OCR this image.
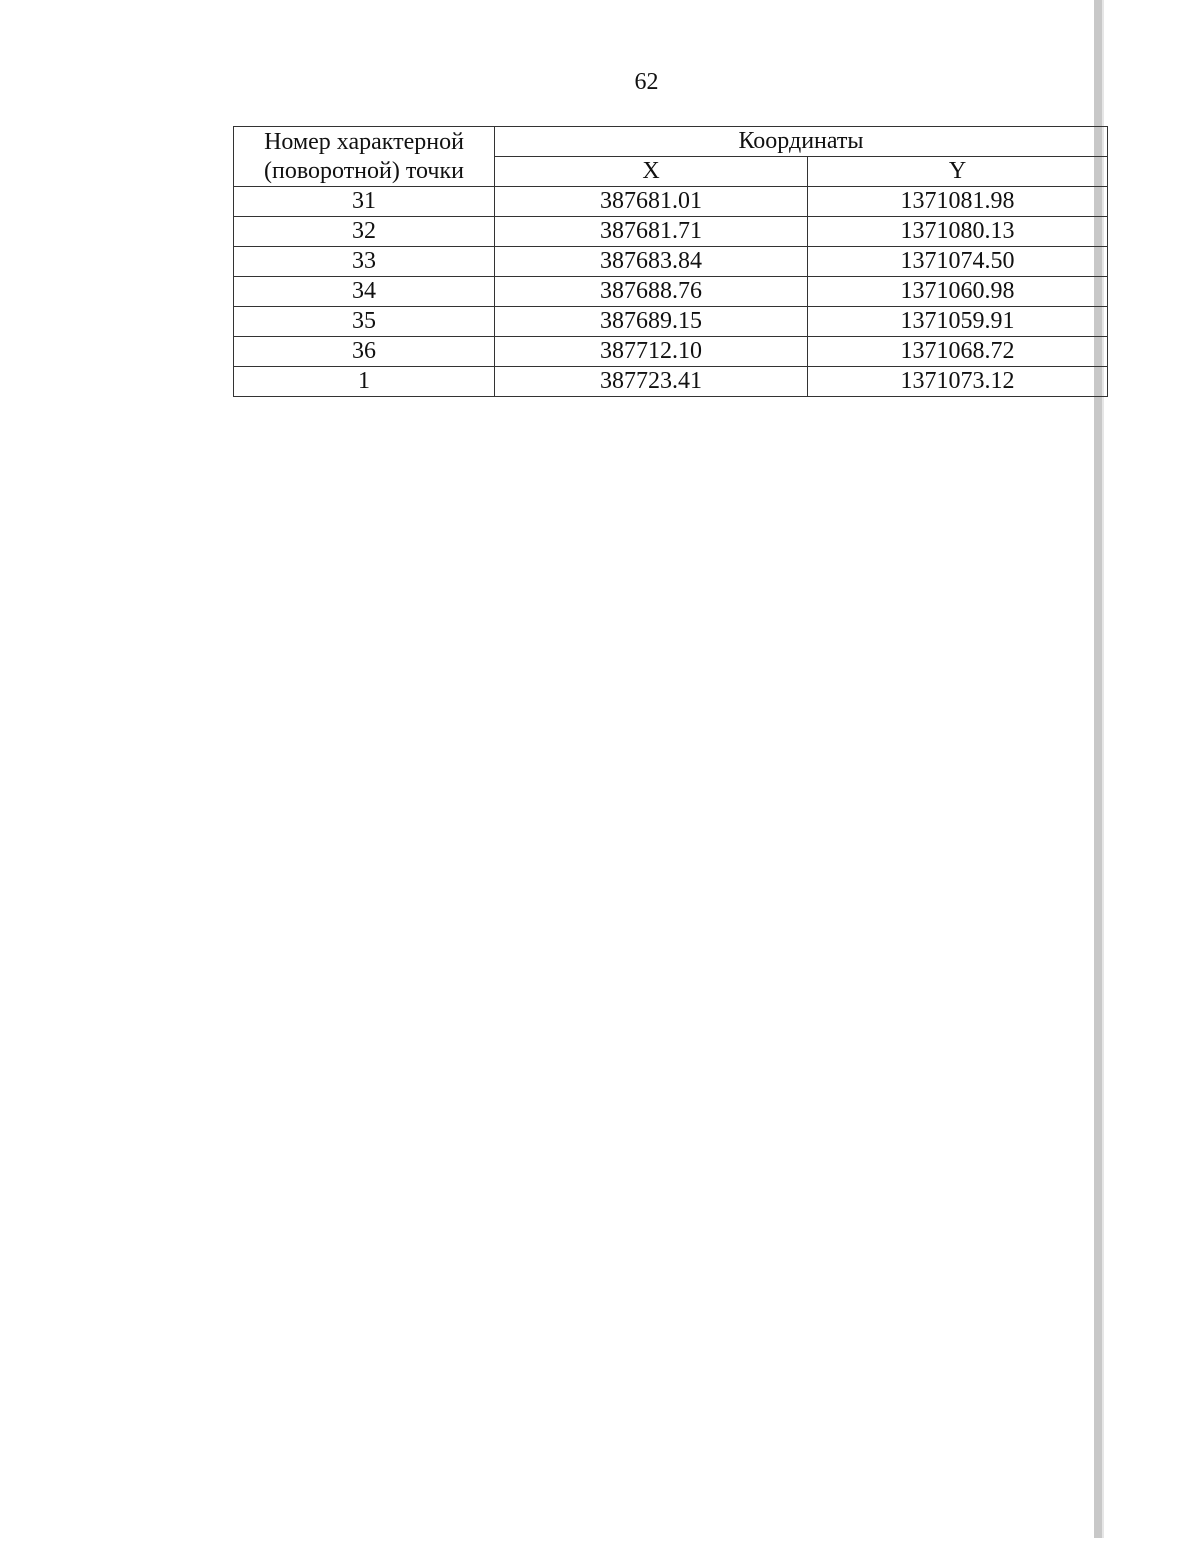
62
Номер характерной
(поворотной) точки	Координаты	
	X	Y
31	387681.01	1371081.98
32	387681.71	1371080.13
33	387683.84	1371074.50
34	387688.76	1371060.98
35	387689.15	1371059.91
36	387712.10	1371068.72
1	387723.41	1371073.12
